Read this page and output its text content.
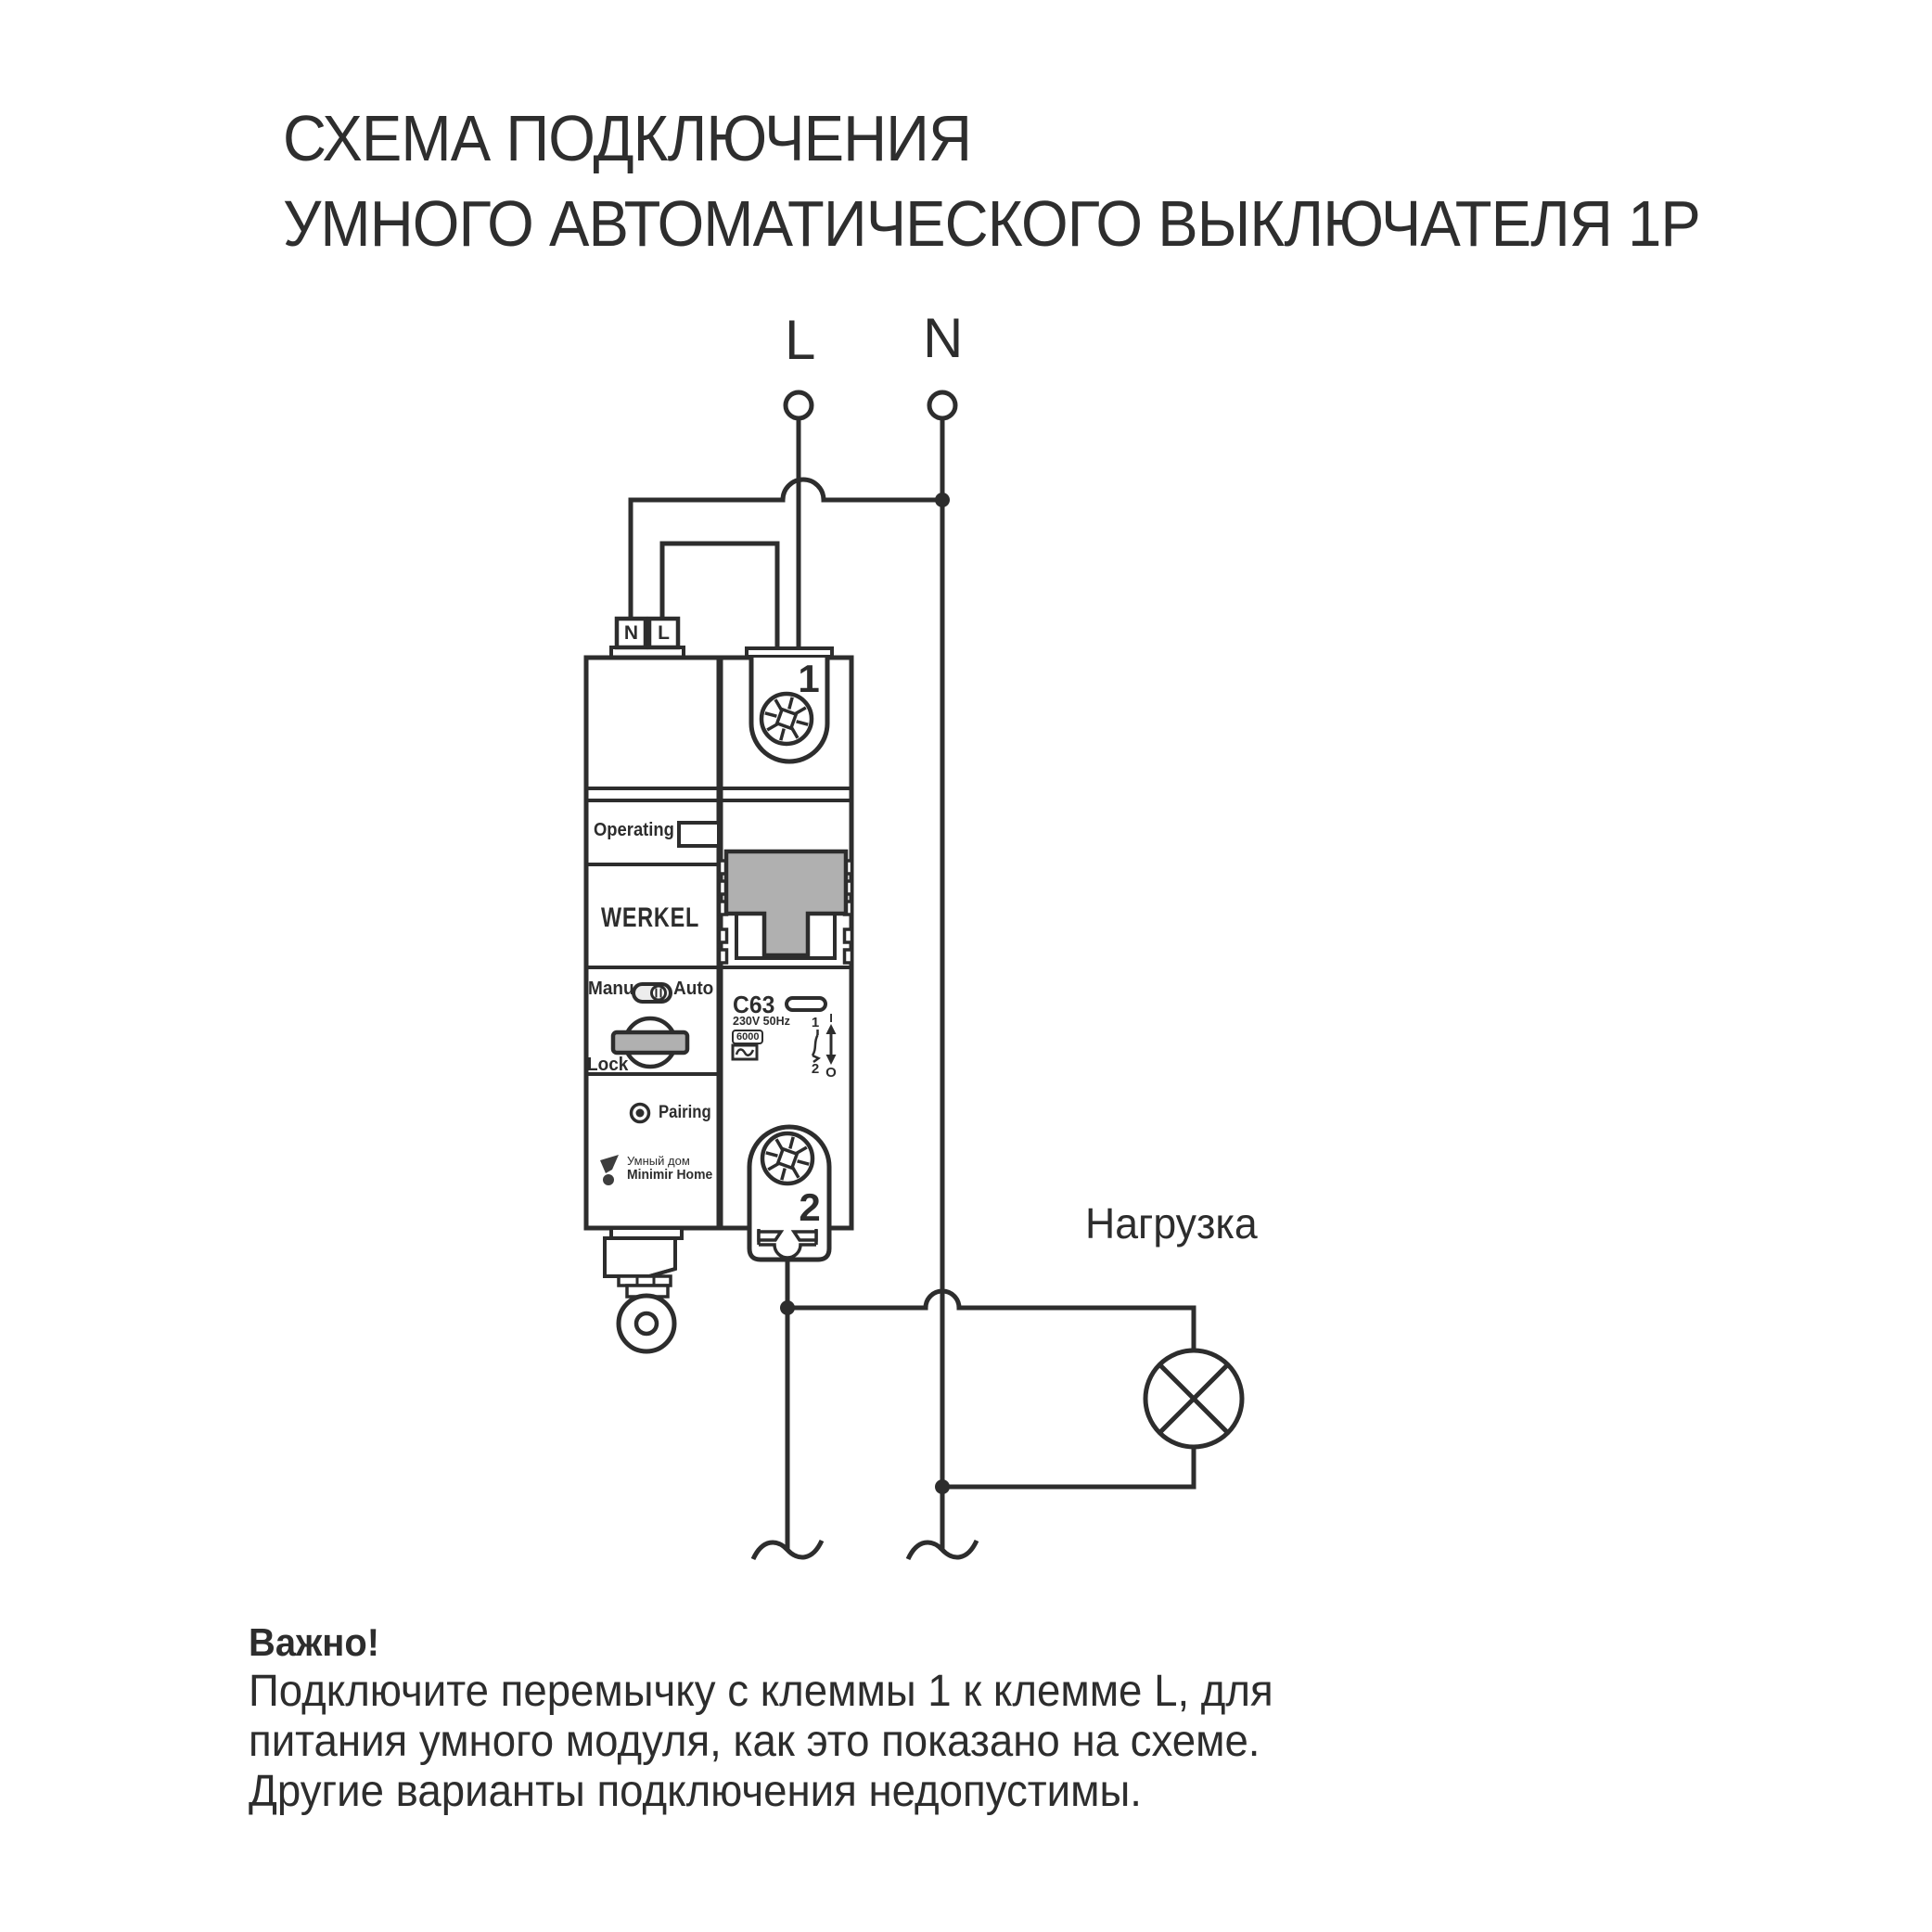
1
2
I
O
СХЕМА ПОДКЛЮЧЕНИЯ
УМНОГО АВТОМАТИЧЕСКОГО ВЫКЛЮЧАТЕЛЯ 1P
L N
Нагрузка
N	L
1
2
Operating
WERKEL
Manu Auto
Lock
Pairing
Умный дом
Minimir Home
C63
230V 50Hz
6000
Важно!
Подключите перемычку с клеммы 1 к клемме L, для
питания умного модуля, как это показано на схеме.
Другие варианты подключения недопустимы.
